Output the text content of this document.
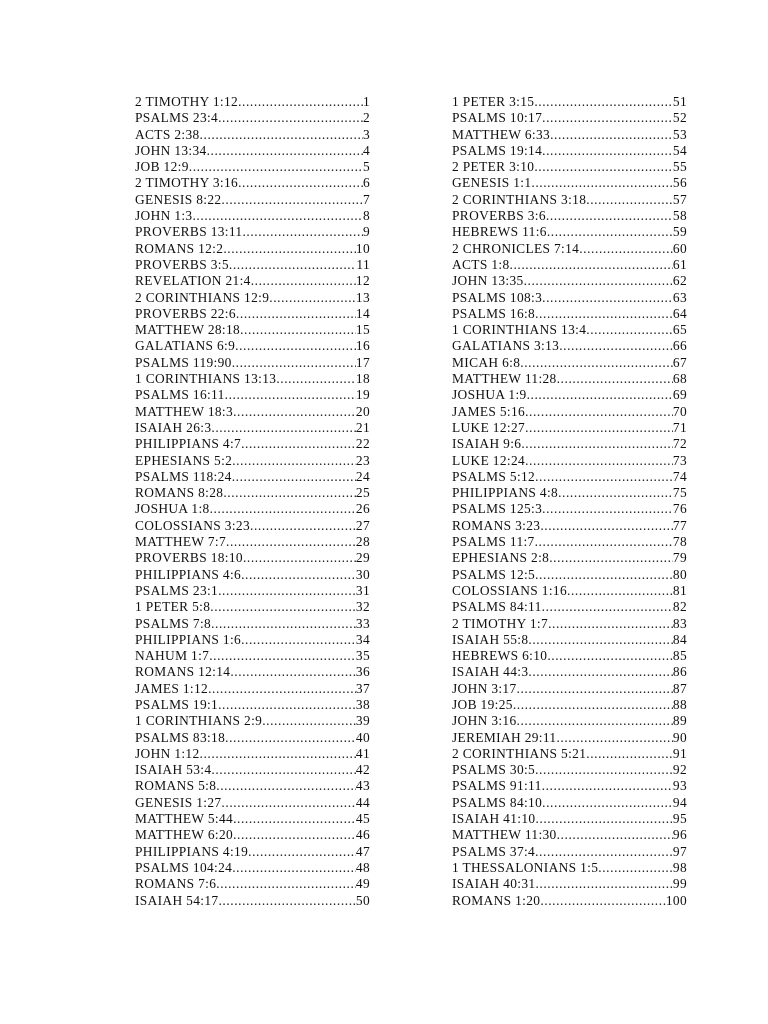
2 TIMOTHY 1:12 .....	1
PSALMS 23:4 .....	2
ACTS 2:38 .....	3
JOHN 13:34 .....	4
JOB 12:9 .....	5
2 TIMOTHY 3:16 .....	6
GENESIS 8:22 .....	7
JOHN 1:3 .....	8
PROVERBS 13:11 .....	9
ROMANS 12:2 .....	10
PROVERBS 3:5 .....	11
REVELATION 21:4 .....	12
2 CORINTHIANS 12:9 .....	13
PROVERBS 22:6 .....	14
MATTHEW 28:18 .....	15
GALATIANS 6:9 .....	16
PSALMS 119:90 .....	17
1 CORINTHIANS 13:13 .....	18
PSALMS 16:11 .....	19
MATTHEW 18:3 .....	20
ISAIAH 26:3 .....	21
PHILIPPIANS 4:7 .....	22
EPHESIANS 5:2 .....	23
PSALMS 118:24 .....	24
ROMANS 8:28 .....	25
JOSHUA 1:8 .....	26
COLOSSIANS 3:23 .....	27
MATTHEW 7:7 .....	28
PROVERBS 18:10 .....	29
PHILIPPIANS 4:6 .....	30
PSALMS 23:1 .....	31
1 PETER 5:8 .....	32
PSALMS 7:8 .....	33
PHILIPPIANS 1:6 .....	34
NAHUM 1:7 .....	35
ROMANS 12:14 .....	36
JAMES 1:12 .....	37
PSALMS 19:1 .....	38
1 CORINTHIANS 2:9 .....	39
PSALMS 83:18 .....	40
JOHN 1:12 .....	41
ISAIAH 53:4 .....	42
ROMANS 5:8 .....	43
GENESIS 1:27 .....	44
MATTHEW 5:44 .....	45
MATTHEW 6:20 .....	46
PHILIPPIANS 4:19 .....	47
PSALMS 104:24 .....	48
ROMANS 7:6 .....	49
ISAIAH 54:17 .....	50
1 PETER 3:15 .....	51
PSALMS 10:17 .....	52
MATTHEW 6:33 .....	53
PSALMS 19:14 .....	54
2 PETER 3:10 .....	55
GENESIS 1:1 .....	56
2 CORINTHIANS 3:18 .....	57
PROVERBS 3:6 .....	58
HEBREWS 11:6 .....	59
2 CHRONICLES 7:14 .....	60
ACTS 1:8 .....	61
JOHN 13:35 .....	62
PSALMS 108:3 .....	63
PSALMS 16:8 .....	64
1 CORINTHIANS 13:4 .....	65
GALATIANS 3:13 .....	66
MICAH 6:8 .....	67
MATTHEW 11:28 .....	68
JOSHUA 1:9 .....	69
JAMES 5:16 .....	70
LUKE 12:27 .....	71
ISAIAH 9:6 .....	72
LUKE 12:24 .....	73
PSALMS 5:12 .....	74
PHILIPPIANS 4:8 .....	75
PSALMS 125:3 .....	76
ROMANS 3:23 .....	77
PSALMS 11:7 .....	78
EPHESIANS 2:8 .....	79
PSALMS 12:5 .....	80
COLOSSIANS 1:16 .....	81
PSALMS 84:11 .....	82
2 TIMOTHY 1:7 .....	83
ISAIAH 55:8 .....	84
HEBREWS 6:10 .....	85
ISAIAH 44:3 .....	86
JOHN 3:17 .....	87
JOB 19:25 .....	88
JOHN 3:16 .....	89
JEREMIAH 29:11 .....	90
2 CORINTHIANS 5:21 .....	91
PSALMS 30:5 .....	92
PSALMS 91:11 .....	93
PSALMS 84:10 .....	94
ISAIAH 41:10 .....	95
MATTHEW 11:30 .....	96
PSALMS 37:4 .....	97
1 THESSALONIANS 1:5 .....	98
ISAIAH 40:31 .....	99
ROMANS 1:20 .....	100
